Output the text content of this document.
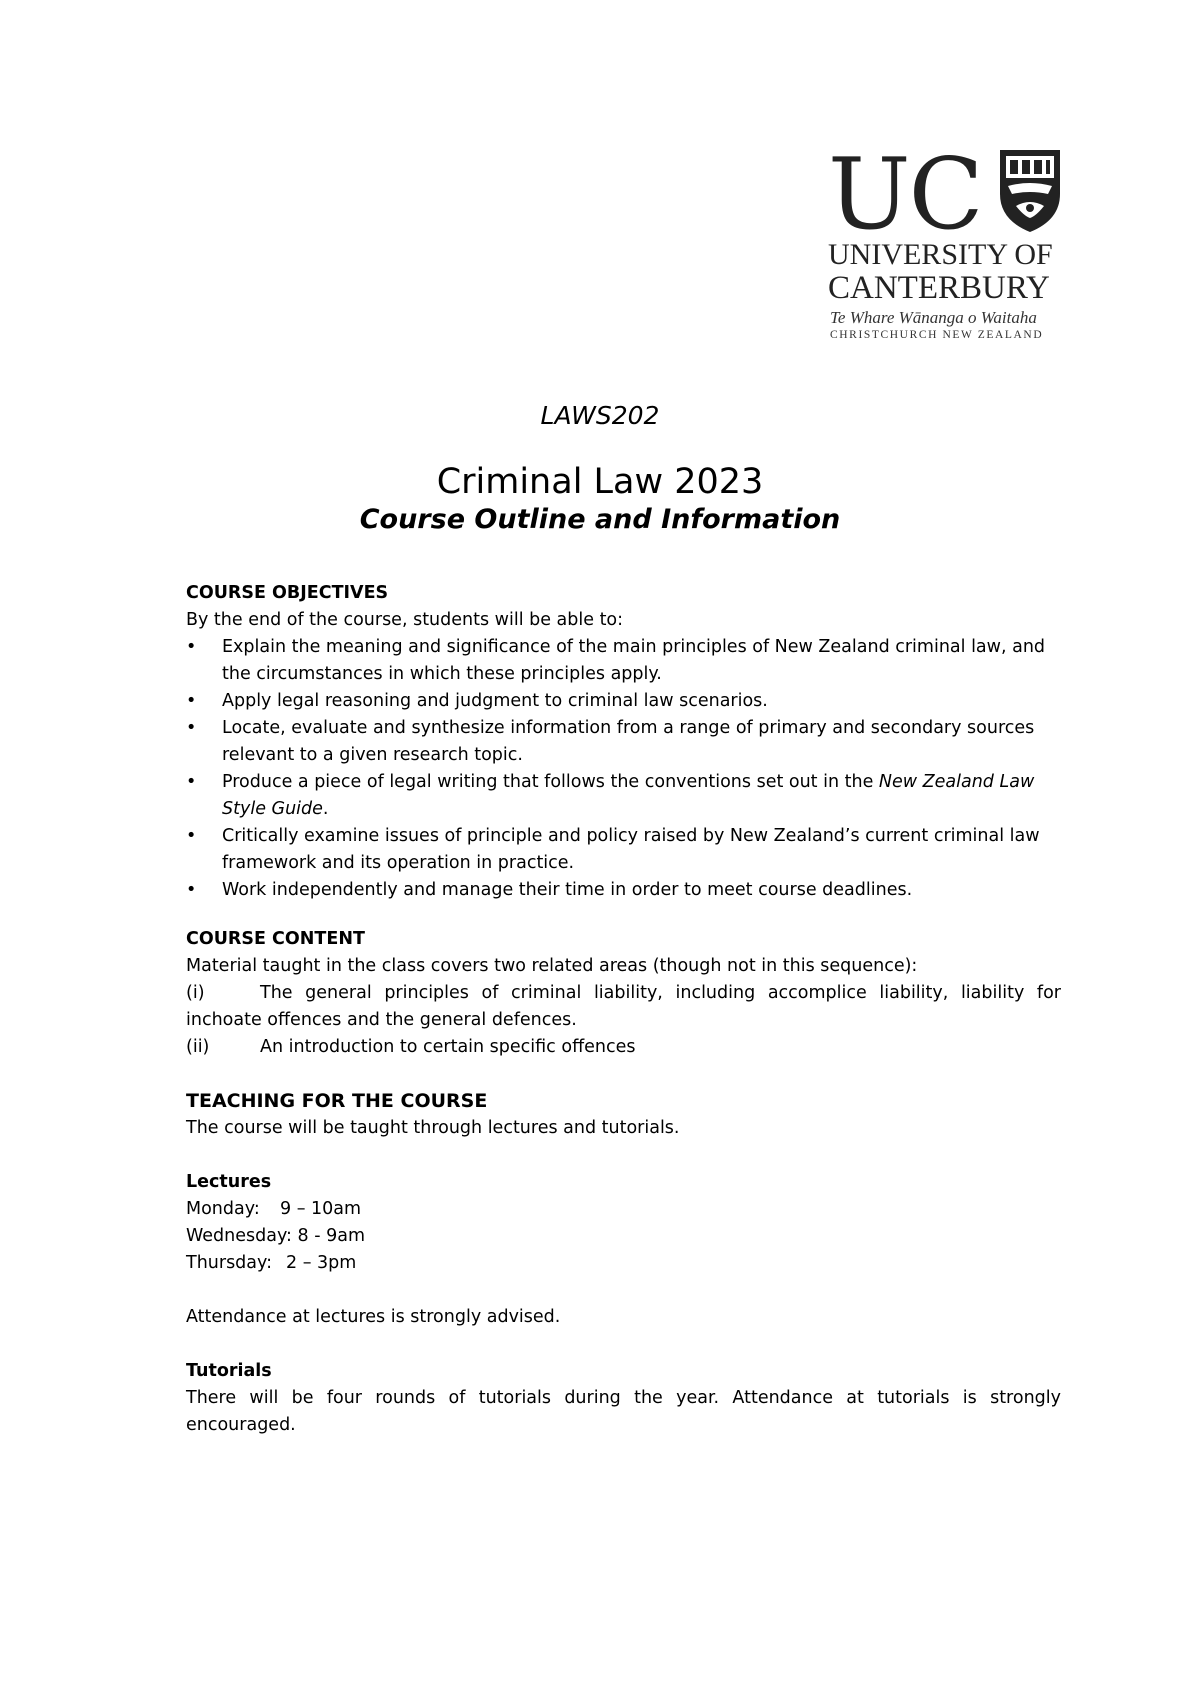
UC
UNIVERSITY OF
CANTERBURY
Te Whare Wānanga o Waitaha
CHRISTCHURCH NEW ZEALAND
LAWS202
Criminal Law 2023
Course Outline and Information
COURSE OBJECTIVES
By the end of the course, students will be able to:
• Explain the meaning and significance of the main principles of New Zealand criminal law, and the circumstances in which these principles apply.
• Apply legal reasoning and judgment to criminal law scenarios.
• Locate, evaluate and synthesize information from a range of primary and secondary sources relevant to a given research topic.
• Produce a piece of legal writing that follows the conventions set out in the New Zealand Law Style Guide.
• Critically examine issues of principle and policy raised by New Zealand’s current criminal law framework and its operation in practice.
• Work independently and manage their time in order to meet course deadlines.
COURSE CONTENT
Material taught in the class covers two related areas (though not in this sequence):
(i)	The general principles of criminal liability, including accomplice liability, liability for inchoate offences and the general defences.
(ii)	An introduction to certain specific offences
TEACHING FOR THE COURSE
The course will be taught through lectures and tutorials.
Lectures
Monday: 9 – 10am
Wednesday: 8 - 9am
Thursday: 2 – 3pm
Attendance at lectures is strongly advised.
Tutorials
There will be four rounds of tutorials during the year. Attendance at tutorials is strongly encouraged.
